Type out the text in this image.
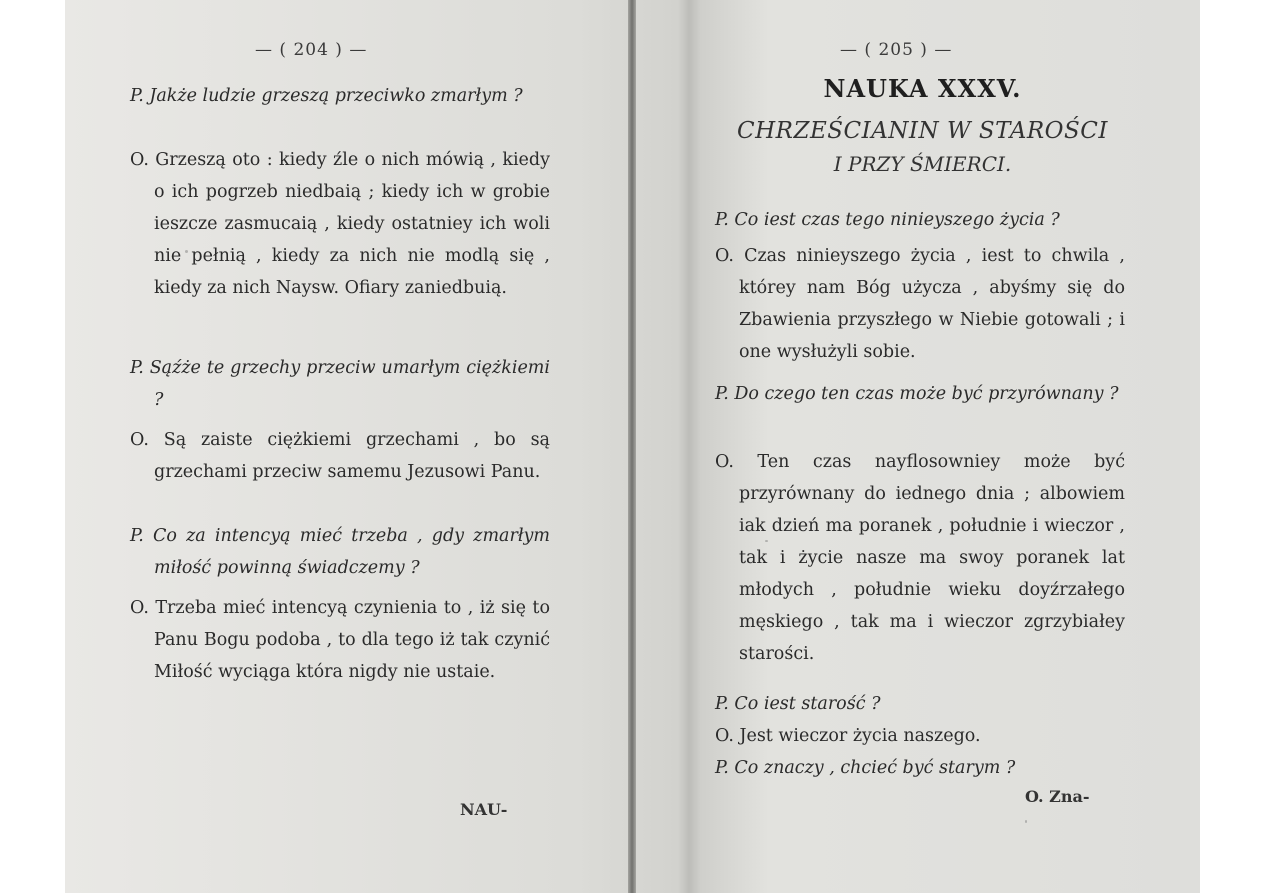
— ( 204 ) —
P. Jakże ludzie grzeszą przeciwko zmarłym ?
O. Grzeszą oto : kiedy źle o nich mówią , kiedy o ich pogrzeb niedbaią ; kiedy ich w grobie ieszcze zasmucaią , kiedy ostatniey ich woli nie pełnią , kiedy za nich nie modlą się , kiedy za nich Naysw. Ofiary zaniedbuią.
P. Sąźże te grzechy przeciw umarłym ciężkiemi ?
O. Są zaiste ciężkiemi grzechami , bo są grzechami przeciw samemu Jezusowi Panu.
P. Co za intencyą mieć trzeba , gdy zmarłym miłość powinną świadczemy ?
O. Trzeba mieć intencyą czynienia to , iż się to Panu Bogu podoba , to dla tego iż tak czynić Miłość wyciąga która nigdy nie ustaie.
NAU-
— ( 205 ) —
NAUKA XXXV.
CHRZEŚCIANIN W STAROŚCI
I PRZY ŚMIERCI.
P. Co iest czas tego ninieyszego życia ?
O. Czas ninieyszego życia , iest to chwila , którey nam Bóg użycza , abyśmy się do Zbawienia przyszłego w Niebie gotowali ; i one wysłużyli sobie.
P. Do czego ten czas może być przyrównany ?
O. Ten czas nayflosowniey może być przyrównany do iednego dnia ; albowiem iak dzień ma poranek , południe i wieczor , tak i życie nasze ma swoy poranek lat młodych , południe wieku doyźrzałego męskiego , tak ma i wieczor zgrzybiałey starości.
P. Co iest starość ?
O. Jest wieczor życia naszego.
P. Co znaczy , chcieć być starym ?
O. Zna-
